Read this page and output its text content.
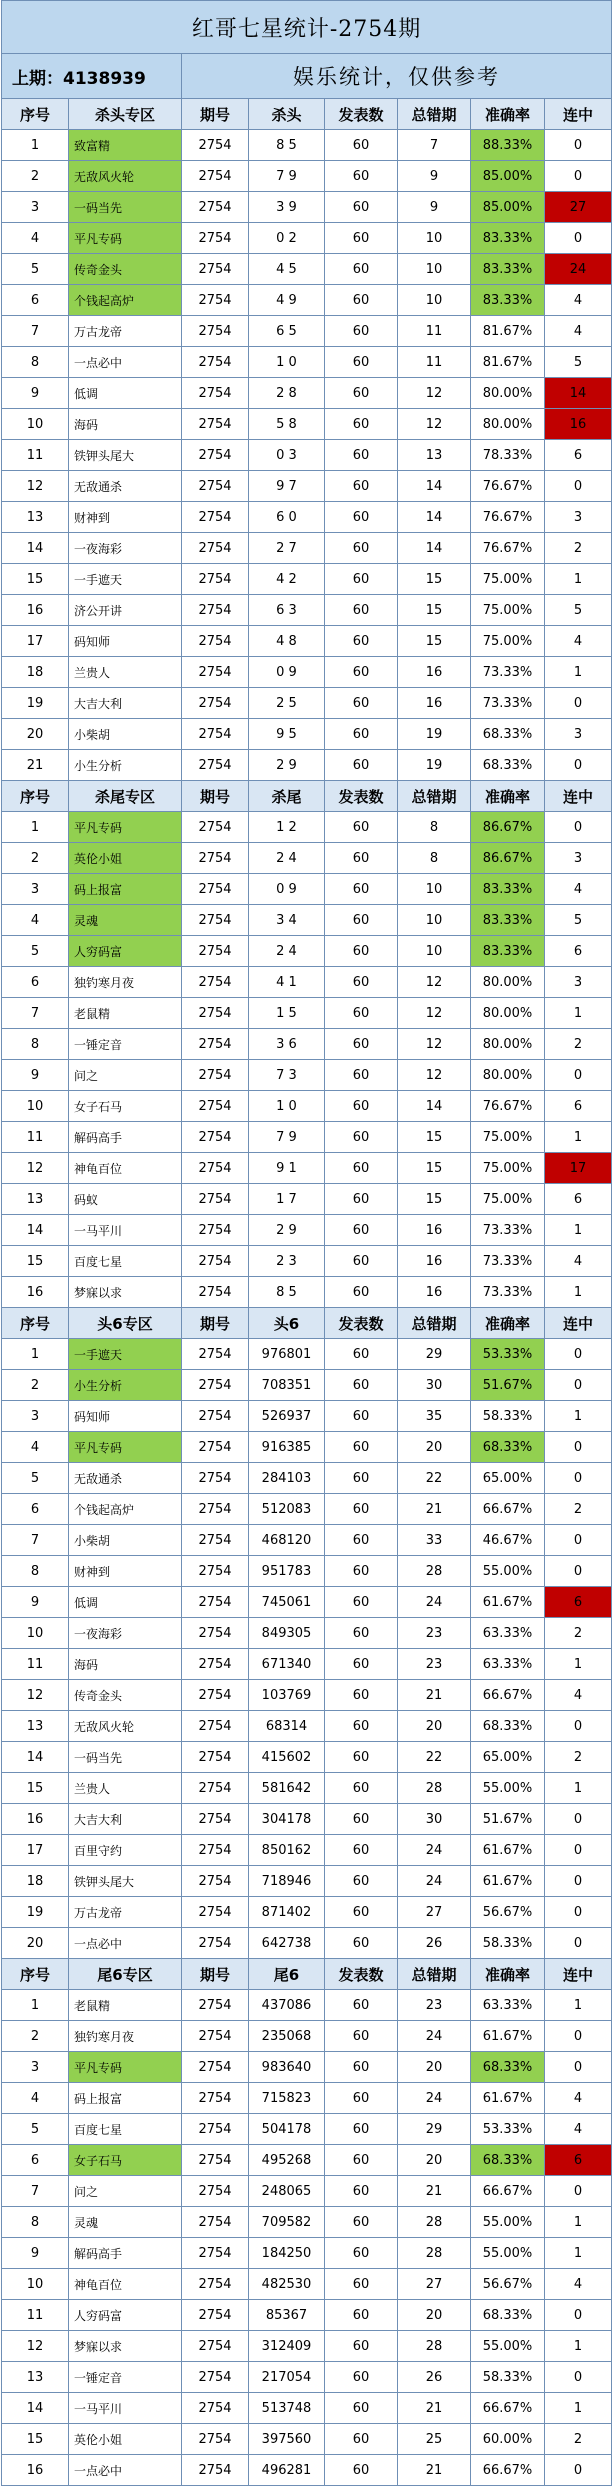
红哥七星统计-2754期							
上期：4138939		娱乐统计，仅供参考					
序号	杀头专区	期号	杀头	发表数	总错期	准确率	连中
1	致富精	2754	8 5	60	7	88.33%	0
2	无敌风火轮	2754	7 9	60	9	85.00%	0
3	一码当先	2754	3 9	60	9	85.00%	27
4	平凡专码	2754	0 2	60	10	83.33%	0
5	传奇金头	2754	4 5	60	10	83.33%	24
6	个钱起高炉	2754	4 9	60	10	83.33%	4
7	万古龙帝	2754	6 5	60	11	81.67%	4
8	一点必中	2754	1 0	60	11	81.67%	5
9	低调	2754	2 8	60	12	80.00%	14
10	海码	2754	5 8	60	12	80.00%	16
11	铁钾头尾大	2754	0 3	60	13	78.33%	6
12	无敌通杀	2754	9 7	60	14	76.67%	0
13	财神到	2754	6 0	60	14	76.67%	3
14	一夜海彩	2754	2 7	60	14	76.67%	2
15	一手遮天	2754	4 2	60	15	75.00%	1
16	济公开讲	2754	6 3	60	15	75.00%	5
17	码知师	2754	4 8	60	15	75.00%	4
18	兰贵人	2754	0 9	60	16	73.33%	1
19	大吉大利	2754	2 5	60	16	73.33%	0
20	小柴胡	2754	9 5	60	19	68.33%	3
21	小生分析	2754	2 9	60	19	68.33%	0
序号	杀尾专区	期号	杀尾	发表数	总错期	准确率	连中
1	平凡专码	2754	1 2	60	8	86.67%	0
2	英伦小姐	2754	2 4	60	8	86.67%	3
3	码上报富	2754	0 9	60	10	83.33%	4
4	灵魂	2754	3 4	60	10	83.33%	5
5	人穷码富	2754	2 4	60	10	83.33%	6
6	独钓寒月夜	2754	4 1	60	12	80.00%	3
7	老鼠精	2754	1 5	60	12	80.00%	1
8	一锤定音	2754	3 6	60	12	80.00%	2
9	问之	2754	7 3	60	12	80.00%	0
10	女子石马	2754	1 0	60	14	76.67%	6
11	解码高手	2754	7 9	60	15	75.00%	1
12	神龟百位	2754	9 1	60	15	75.00%	17
13	码蚁	2754	1 7	60	15	75.00%	6
14	一马平川	2754	2 9	60	16	73.33%	1
15	百度七星	2754	2 3	60	16	73.33%	4
16	梦寐以求	2754	8 5	60	16	73.33%	1
序号	头6专区	期号	头6	发表数	总错期	准确率	连中
1	一手遮天	2754	976801	60	29	53.33%	0
2	小生分析	2754	708351	60	30	51.67%	0
3	码知师	2754	526937	60	35	58.33%	1
4	平凡专码	2754	916385	60	20	68.33%	0
5	无敌通杀	2754	284103	60	22	65.00%	0
6	个钱起高炉	2754	512083	60	21	66.67%	2
7	小柴胡	2754	468120	60	33	46.67%	0
8	财神到	2754	951783	60	28	55.00%	0
9	低调	2754	745061	60	24	61.67%	6
10	一夜海彩	2754	849305	60	23	63.33%	2
11	海码	2754	671340	60	23	63.33%	1
12	传奇金头	2754	103769	60	21	66.67%	4
13	无敌风火轮	2754	68314	60	20	68.33%	0
14	一码当先	2754	415602	60	22	65.00%	2
15	兰贵人	2754	581642	60	28	55.00%	1
16	大吉大利	2754	304178	60	30	51.67%	0
17	百里守约	2754	850162	60	24	61.67%	0
18	铁钾头尾大	2754	718946	60	24	61.67%	0
19	万古龙帝	2754	871402	60	27	56.67%	0
20	一点必中	2754	642738	60	26	58.33%	0
序号	尾6专区	期号	尾6	发表数	总错期	准确率	连中
1	老鼠精	2754	437086	60	23	63.33%	1
2	独钓寒月夜	2754	235068	60	24	61.67%	0
3	平凡专码	2754	983640	60	20	68.33%	0
4	码上报富	2754	715823	60	24	61.67%	4
5	百度七星	2754	504178	60	29	53.33%	4
6	女子石马	2754	495268	60	20	68.33%	6
7	问之	2754	248065	60	21	66.67%	0
8	灵魂	2754	709582	60	28	55.00%	1
9	解码高手	2754	184250	60	28	55.00%	1
10	神龟百位	2754	482530	60	27	56.67%	4
11	人穷码富	2754	85367	60	20	68.33%	0
12	梦寐以求	2754	312409	60	28	55.00%	1
13	一锤定音	2754	217054	60	26	58.33%	0
14	一马平川	2754	513748	60	21	66.67%	1
15	英伦小姐	2754	397560	60	25	60.00%	2
16	一点必中	2754	496281	60	21	66.67%	0
